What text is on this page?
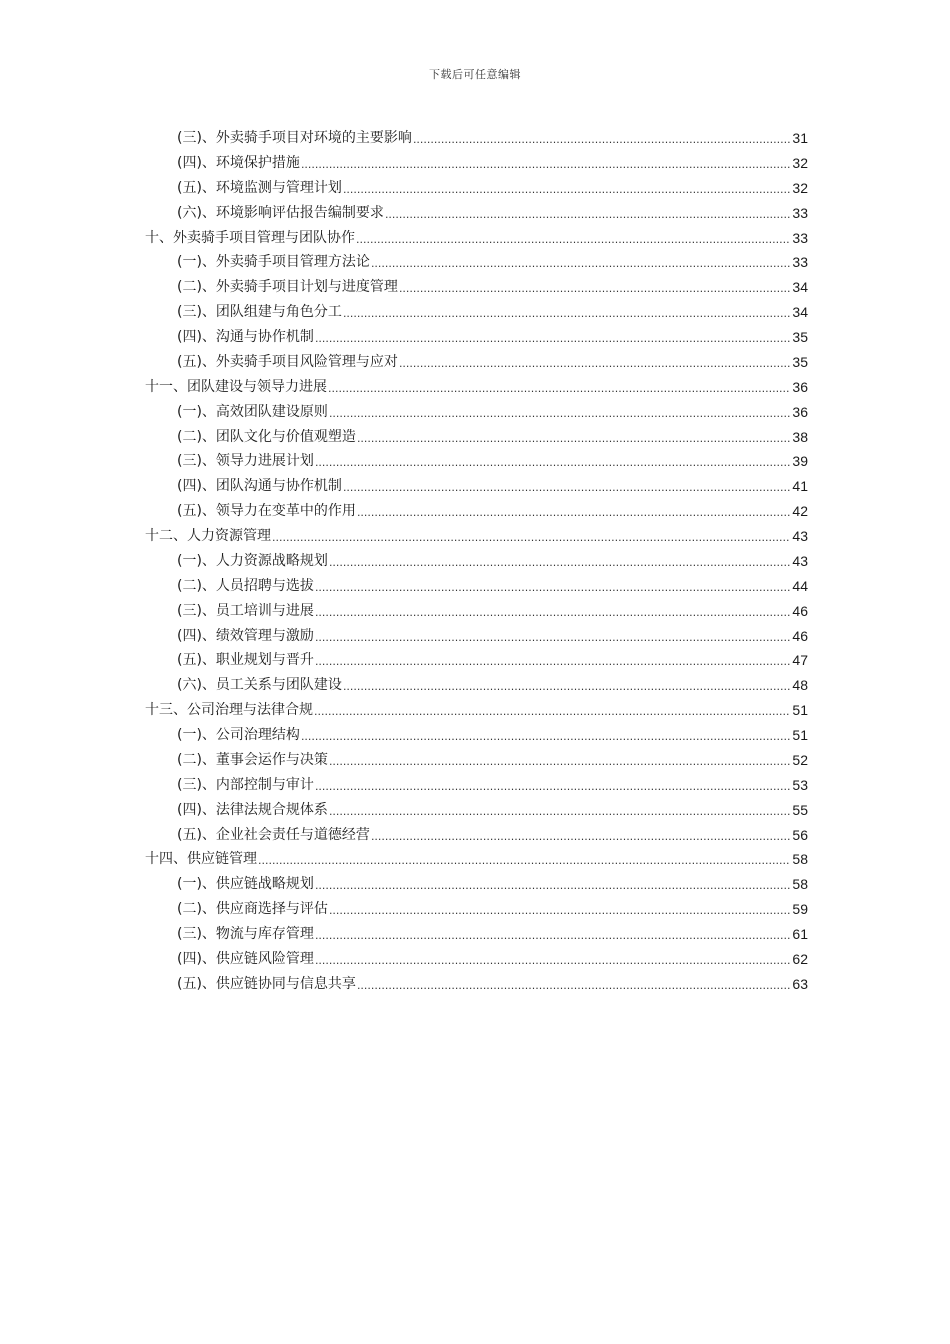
下载后可任意编辑
(三)、外卖骑手项目对环境的主要影响 .....	31
(四)、环境保护措施 .....	32
(五)、环境监测与管理计划 .....	32
(六)、环境影响评估报告编制要求 .....	33
十、外卖骑手项目管理与团队协作 .....	33
(一)、外卖骑手项目管理方法论 .....	33
(二)、外卖骑手项目计划与进度管理 .....	34
(三)、团队组建与角色分工 .....	34
(四)、沟通与协作机制 .....	35
(五)、外卖骑手项目风险管理与应对 .....	35
十一、团队建设与领导力进展 .....	36
(一)、高效团队建设原则 .....	36
(二)、团队文化与价值观塑造 .....	38
(三)、领导力进展计划 .....	39
(四)、团队沟通与协作机制 .....	41
(五)、领导力在变革中的作用 .....	42
十二、人力资源管理 .....	43
(一)、人力资源战略规划 .....	43
(二)、人员招聘与选拔 .....	44
(三)、员工培训与进展 .....	46
(四)、绩效管理与激励 .....	46
(五)、职业规划与晋升 .....	47
(六)、员工关系与团队建设 .....	48
十三、公司治理与法律合规 .....	51
(一)、公司治理结构 .....	51
(二)、董事会运作与决策 .....	52
(三)、内部控制与审计 .....	53
(四)、法律法规合规体系 .....	55
(五)、企业社会责任与道德经营 .....	56
十四、供应链管理 .....	58
(一)、供应链战略规划 .....	58
(二)、供应商选择与评估 .....	59
(三)、物流与库存管理 .....	61
(四)、供应链风险管理 .....	62
(五)、供应链协同与信息共享 .....	63
